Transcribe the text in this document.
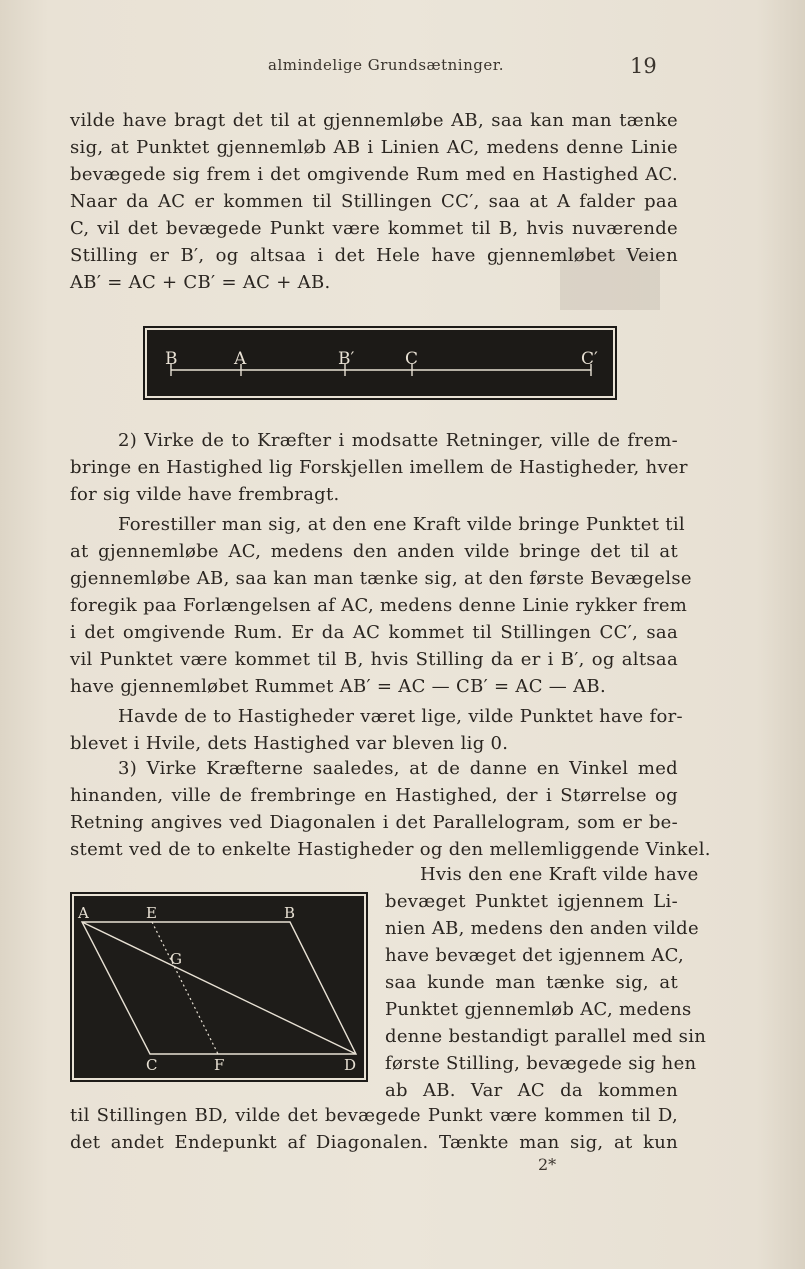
almindelige Grundsætninger.	19
vilde have bragt det til at gjennemløbe AB, saa kan man tænke
sig, at Punktet gjennemløb AB i Linien AC, medens denne Linie
bevægede sig frem i det omgivende Rum med en Hastighed AC.
Naar da AC er kommen til Stillingen CC′, saa at A falder paa
C, vil det bevægede Punkt være kommet til B, hvis nuværende
Stilling er B′, og altsaa i det Hele have gjennemløbet Veien
AB′ = AC + CB′ = AC + AB.
B	A	B′	C	C′
2) Virke de to Kræfter i modsatte Retninger, ville de frem-
bringe en Hastighed lig Forskjellen imellem de Hastigheder, hver
for sig vilde have frembragt.
Forestiller man sig, at den ene Kraft vilde bringe Punktet til
at gjennemløbe AC, medens den anden vilde bringe det til at
gjennemløbe AB, saa kan man tænke sig, at den første Bevægelse
foregik paa Forlængelsen af AC, medens denne Linie rykker frem
i det omgivende Rum. Er da AC kommet til Stillingen CC′, saa
vil Punktet være kommet til B, hvis Stilling da er i B′, og altsaa
have gjennemløbet Rummet AB′ = AC — CB′ = AC — AB.
Havde de to Hastigheder været lige, vilde Punktet have for-
blevet i Hvile, dets Hastighed var bleven lig 0.
3) Virke Kræfterne saaledes, at de danne en Vinkel med
hinanden, ville de frembringe en Hastighed, der i Størrelse og
Retning angives ved Diagonalen i det Parallelogram, som er be-
stemt ved de to enkelte Hastigheder og den mellemliggende Vinkel.
Hvis den ene Kraft vilde have
bevæget Punktet igjennem Li-
nien AB, medens den anden vilde
have bevæget det igjennem AC,
saa kunde man tænke sig, at
Punktet gjennemløb AC, medens
denne bestandigt parallel med sin
første Stilling, bevægede sig hen
ab AB. Var AC da kommen
A	E	B
G
C	F	D
til Stillingen BD, vilde det bevægede Punkt være kommen til D,
det andet Endepunkt af Diagonalen. Tænkte man sig, at kun
2*
